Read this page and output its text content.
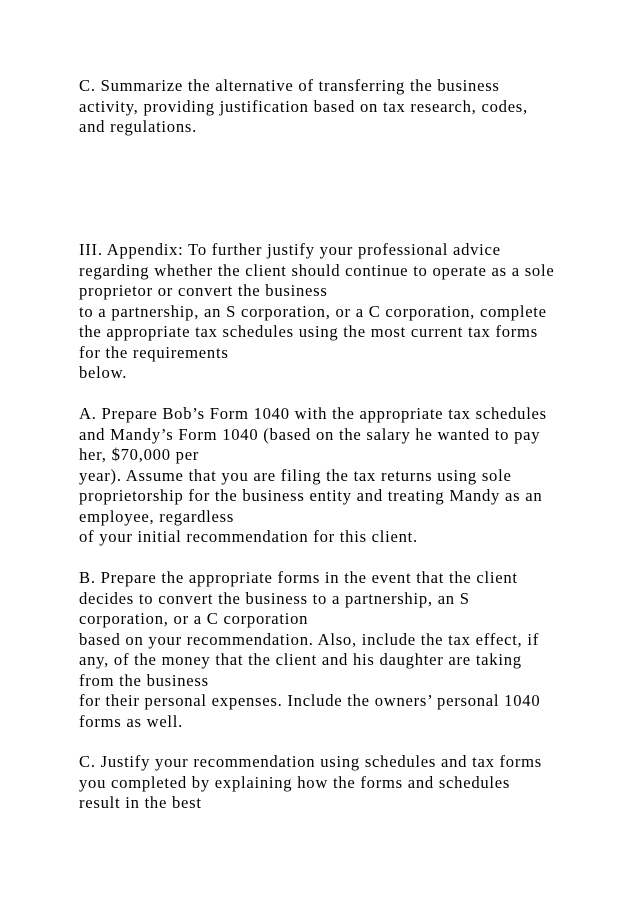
C. Summarize the alternative of transferring the business
activity, providing justification based on tax research, codes,
and regulations.

III. Appendix: To further justify your professional advice
regarding whether the client should continue to operate as a sole
proprietor or convert the business
to a partnership, an S corporation, or a C corporation, complete
the appropriate tax schedules using the most current tax forms
for the requirements
below.

A. Prepare Bob’s Form 1040 with the appropriate tax schedules
and Mandy’s Form 1040 (based on the salary he wanted to pay
her, $70,000 per
year). Assume that you are filing the tax returns using sole
proprietorship for the business entity and treating Mandy as an
employee, regardless
of your initial recommendation for this client.

B. Prepare the appropriate forms in the event that the client
decides to convert the business to a partnership, an S
corporation, or a C corporation
based on your recommendation. Also, include the tax effect, if
any, of the money that the client and his daughter are taking
from the business
for their personal expenses. Include the owners’ personal 1040
forms as well.

C. Justify your recommendation using schedules and tax forms
you completed by explaining how the forms and schedules
result in the best
